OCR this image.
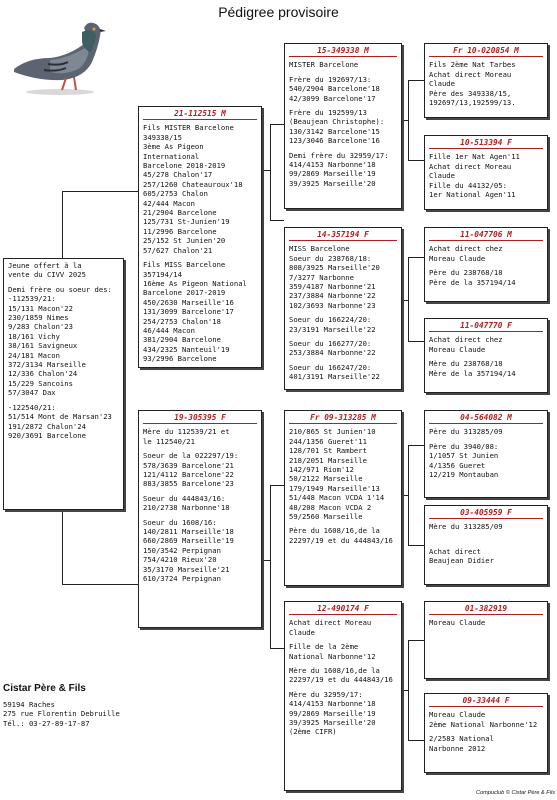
Pédigree provisoire
Jeune offert à la
vente du CIVV 2025

Demi frère ou soeur des:
-112539/21:
15/131 Macon'22
230/1859 Nimes
9/283 Chalon'23
18/161 Vichy
38/161 Savigneux
24/181 Macon
372/3134 Marseille
12/336 Chalon'24
15/229 Sancoins
57/3047 Dax

-122540/21:
51/514 Mont de Marsan'23
191/2872 Chalon'24
920/3691 Barcelone
21-112515 M
Fils MISTER Barcelone
349338/15
3ème As Pigeon
International
Barcelone 2018-2019
45/278 Chalon'17
257/1260 Chateauroux'18
605/2753 Chalon
42/444 Macon
21/2904 Barcelone
125/731 St-Junien'19
11/2996 Barcelone
25/152 St Junien'20
57/627 Chalon'21

Fils MISS Barcelone
357194/14
16ème As Pigeon National
Barcelone 2017-2019
450/2630 Marseille'16
131/3099 Barcelone'17
254/2753 Chalon'18
46/444 Macon
381/2904 Barcelone
434/2325 Nanteuil'19
93/2996 Barcelone
19-305395 F
Mère du 112539/21 et
le 112540/21

Soeur de la 022297/19:
578/3639 Barcelone'21
121/4112 Barcelone'22
883/3855 Barcelone'23

Soeur du 444843/16:
210/2738 Narbonne'18

Soeur du 1608/16:
140/2811 Marseille'18
660/2869 Marseille'19
150/3542 Perpignan
754/4210 Rieux'20
35/3170 Marseille'21
610/3724 Perpignan
15-349338 M
MISTER Barcelone

Frère du 192697/13:
540/2904 Barcelone'18
42/3099 Barcelone'17

Frère du 192599/13
(Beaujean Christophe):
130/3142 Barcelone'15
123/3046 Barcelone'16

Demi frère du 32959/17:
414/4153 Narbonne'18
99/2869 Marseille'19
39/3925 Marseille'20
14-357194 F
MISS Barcelone
Soeur du 238768/18:
808/3925 Marseille'20
7/3277 Narbonne
359/4187 Narbonne'21
237/3884 Narbonne'22
102/3693 Narbonne'23

Soeur du 166224/20:
23/3191 Marseille'22

Soeur du 166277/20:
253/3884 Narbonne'22

Soeur du 166247/20:
401/3191 Marseille'22
Fr 09-313285 M
210/865 St Junien'10
244/1356 Gueret'11
128/701 St Rambert
218/2051 Marseille
142/971 Riom'12
50/2122 Marseille
179/1949 Marseille'13
51/448 Macon VCDA 1'14
48/208 Macon VCDA 2
59/2560 Marseille

Père du 1608/16,de la
22297/19 et du 444843/16
12-490174 F
Achat direct Moreau
Claude

Fille de la 2ème
National Narbonne'12

Mère du 1608/16,de la
22297/19 et du 444843/16

Mère du 32959/17:
414/4153 Narbonne'18
99/2869 Marseille'19
39/3925 Marseille'20
(2ème CIFR)
Fr 10-020854 M
Fils 2ème Nat Tarbes
Achat direct Moreau
Claude
Père des 349338/15,
192697/13,192599/13.
10-513394 F
Fille 1er Nat Agen'11
Achat direct Moreau
Claude
Fille du 44132/05:
1er National Agen'11
11-047706 M
Achat direct chez
Moreau Claude

Père du 238768/18
Père de la 357194/14
11-047770 F
Achat direct chez
Moreau Claude

Mère du 238768/18
Mère de la 357194/14
04-564082 M
Père du 313285/09

Père du 3940/08:
1/1057 St Junien
4/1356 Gueret
12/219 Montauban
03-405959 F
Mère du 313285/09

Achat direct
Beaujean Didier
01-382919
Moreau Claude
09-33444 F
Moreau Claude
2ème National Narbonne'12

2/2583 National
Narbonne 2012
Cistar Père & Fils
59194 Raches
275 rue Florentin Debruille
Tél.: 03-27-89-17-87
Compuclub © Cistar Père & Fils
